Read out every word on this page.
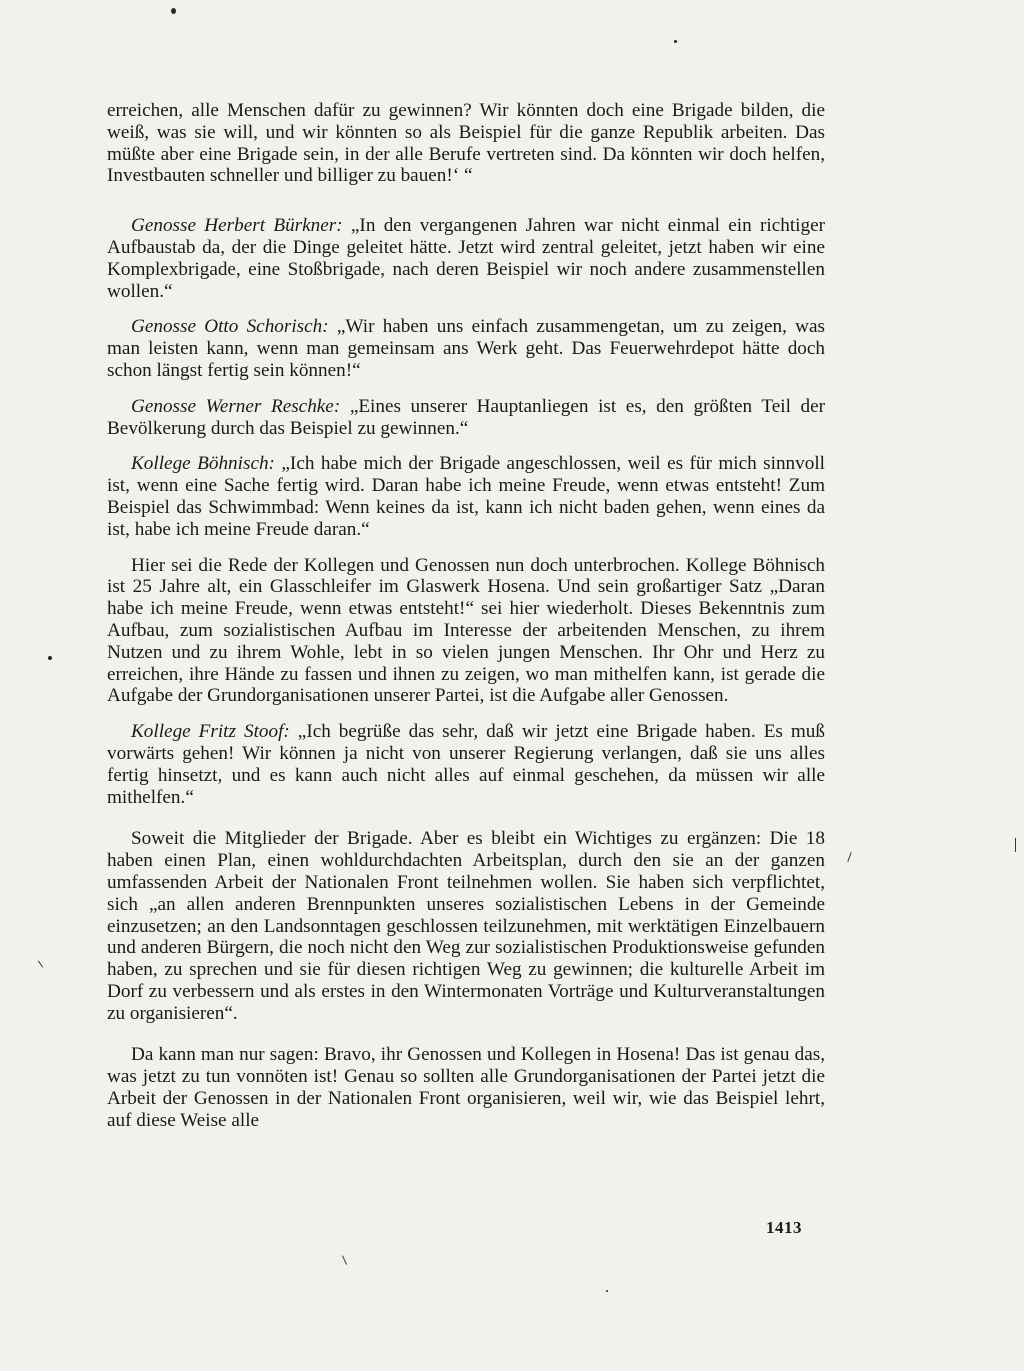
erreichen, alle Menschen dafür zu gewinnen? Wir könnten doch eine Brigade bilden, die weiß, was sie will, und wir könnten so als Beispiel für die ganze Republik arbeiten. Das müßte aber eine Brigade sein, in der alle Berufe vertreten sind. Da könnten wir doch helfen, Investbauten schneller und billiger zu bauen!‘ “

Genosse Herbert Bürkner: „In den vergangenen Jahren war nicht einmal ein richtiger Aufbaustab da, der die Dinge geleitet hätte. Jetzt wird zentral geleitet, jetzt haben wir eine Komplexbrigade, eine Stoßbrigade, nach deren Beispiel wir noch andere zusammenstellen wollen.“

Genosse Otto Schorisch: „Wir haben uns einfach zusammengetan, um zu zeigen, was man leisten kann, wenn man gemeinsam ans Werk geht. Das Feuerwehrdepot hätte doch schon längst fertig sein können!“

Genosse Werner Reschke: „Eines unserer Hauptanliegen ist es, den größten Teil der Bevölkerung durch das Beispiel zu gewinnen.“

Kollege Böhnisch: „Ich habe mich der Brigade angeschlossen, weil es für mich sinnvoll ist, wenn eine Sache fertig wird. Daran habe ich meine Freude, wenn etwas entsteht! Zum Beispiel das Schwimmbad: Wenn keines da ist, kann ich nicht baden gehen, wenn eines da ist, habe ich meine Freude daran.“

Hier sei die Rede der Kollegen und Genossen nun doch unterbrochen. Kollege Böhnisch ist 25 Jahre alt, ein Glasschleifer im Glaswerk Hosena. Und sein großartiger Satz „Daran habe ich meine Freude, wenn etwas entsteht!“ sei hier wiederholt. Dieses Bekenntnis zum Aufbau, zum sozialistischen Aufbau im Interesse der arbeitenden Menschen, zu ihrem Nutzen und zu ihrem Wohle, lebt in so vielen jungen Menschen. Ihr Ohr und Herz zu erreichen, ihre Hände zu fassen und ihnen zu zeigen, wo man mithelfen kann, ist gerade die Aufgabe der Grundorganisationen unserer Partei, ist die Aufgabe aller Genossen.

Kollege Fritz Stoof: „Ich begrüße das sehr, daß wir jetzt eine Brigade haben. Es muß vorwärts gehen! Wir können ja nicht von unserer Regierung verlangen, daß sie uns alles fertig hinsetzt, und es kann auch nicht alles auf einmal geschehen, da müssen wir alle mithelfen.“

Soweit die Mitglieder der Brigade. Aber es bleibt ein Wichtiges zu ergänzen: Die 18 haben einen Plan, einen wohldurchdachten Arbeitsplan, durch den sie an der ganzen umfassenden Arbeit der Nationalen Front teilnehmen wollen. Sie haben sich verpflichtet, sich „an allen anderen Brennpunkten unseres sozialistischen Lebens in der Gemeinde einzusetzen; an den Landsonntagen geschlossen teilzunehmen, mit werktätigen Einzelbauern und anderen Bürgern, die noch nicht den Weg zur sozialistischen Produktionsweise gefunden haben, zu sprechen und sie für diesen richtigen Weg zu gewinnen; die kulturelle Arbeit im Dorf zu verbessern und als erstes in den Wintermonaten Vorträge und Kulturveranstaltungen zu organisieren“.

Da kann man nur sagen: Bravo, ihr Genossen und Kollegen in Hosena! Das ist genau das, was jetzt zu tun vonnöten ist! Genau so sollten alle Grundorganisationen der Partei jetzt die Arbeit der Genossen in der Nationalen Front organisieren, weil wir, wie das Beispiel lehrt, auf diese Weise alle

1413
